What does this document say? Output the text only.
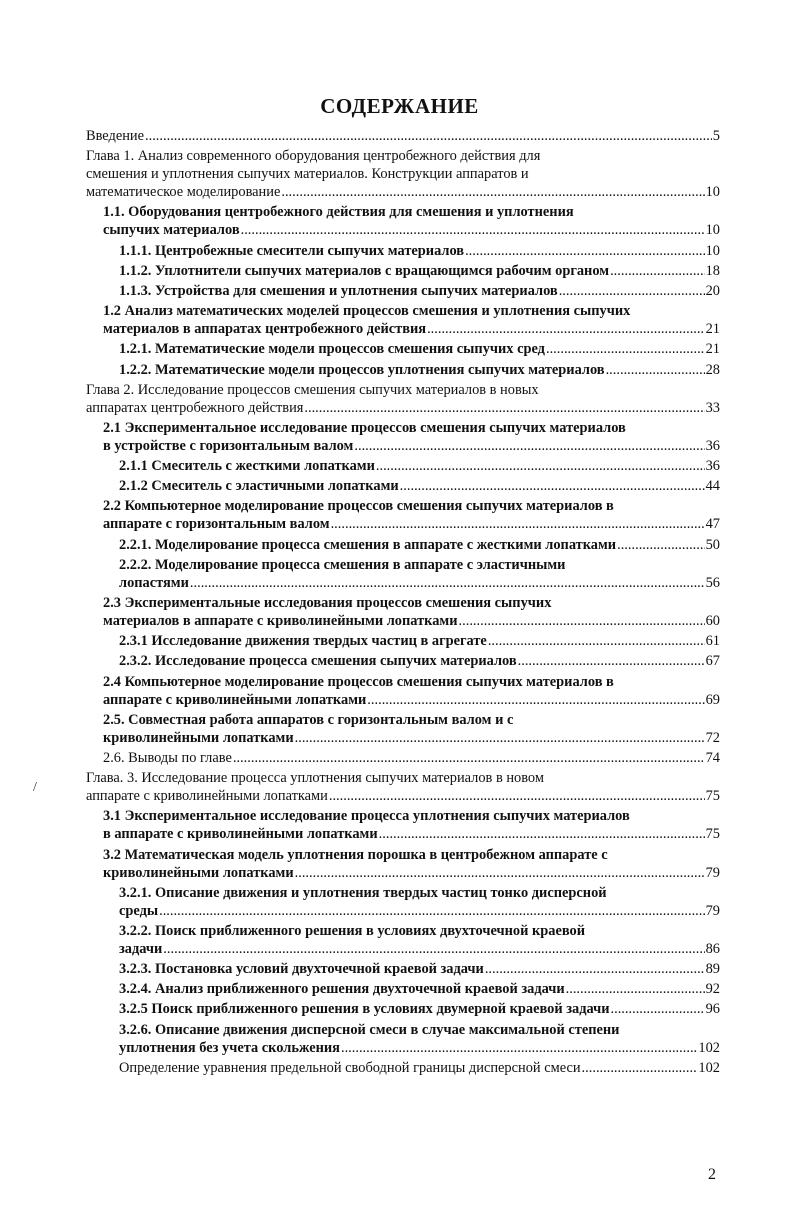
СОДЕРЖАНИЕ
Введение .....	5
Глава 1. Анализ современного оборудования центробежного действия для
смешения и уплотнения сыпучих материалов. Конструкции аппаратов и
математическое моделирование .....	10
1.1. Оборудования центробежного действия для смешения и уплотнения
сыпучих материалов .....	10
1.1.1. Центробежные смесители сыпучих материалов .....	10
1.1.2. Уплотнители сыпучих материалов с вращающимся рабочим органом .....	18
1.1.3. Устройства для смешения и уплотнения сыпучих материалов .....	20
1.2 Анализ математических моделей процессов смешения и уплотнения сыпучих
материалов в аппаратах центробежного действия .....	21
1.2.1. Математические модели процессов смешения сыпучих сред .....	21
1.2.2. Математические модели процессов уплотнения сыпучих материалов .....	28
Глава 2. Исследование процессов смешения сыпучих материалов в новых
аппаратах центробежного действия .....	33
2.1 Экспериментальное исследование процессов смешения сыпучих материалов
в устройстве с горизонтальным валом .....	36
2.1.1 Смеситель с жесткими лопатками .....	36
2.1.2 Смеситель с эластичными лопатками .....	44
2.2 Компьютерное моделирование процессов смешения сыпучих материалов в
аппарате с горизонтальным валом .....	47
2.2.1. Моделирование процесса смешения в аппарате с жесткими лопатками .....	50
2.2.2. Моделирование процесса смешения в аппарате с эластичными
лопастями .....	56
2.3 Экспериментальные исследования процессов смешения сыпучих
материалов в аппарате с криволинейными лопатками .....	60
2.3.1 Исследование движения твердых частиц в агрегате .....	61
2.3.2. Исследование процесса смешения сыпучих материалов .....	67
2.4 Компьютерное моделирование процессов смешения сыпучих материалов в
аппарате с криволинейными лопатками .....	69
2.5. Совместная работа аппаратов с горизонтальным валом и с
криволинейными лопатками .....	72
2.6. Выводы по главе .....	74
Глава. 3. Исследование процесса уплотнения сыпучих материалов в новом
аппарате с криволинейными лопатками .....	75
3.1 Экспериментальное исследование процесса уплотнения сыпучих материалов
в аппарате с криволинейными лопатками .....	75
3.2 Математическая модель уплотнения порошка в центробежном аппарате с
криволинейными лопатками .....	79
3.2.1. Описание движения и уплотнения твердых частиц тонко дисперсной
среды .....	79
3.2.2. Поиск приближенного решения в условиях двухточечной краевой
задачи .....	86
3.2.3. Постановка условий двухточечной краевой задачи .....	89
3.2.4. Анализ приближенного решения двухточечной краевой задачи .....	92
3.2.5 Поиск приближенного решения в условиях двумерной краевой задачи .....	96
3.2.6. Описание движения дисперсной смеси в случае максимальной степени
уплотнения без учета скольжения .....	102
Определение уравнения предельной свободной границы дисперсной смеси .....	102
/
2
